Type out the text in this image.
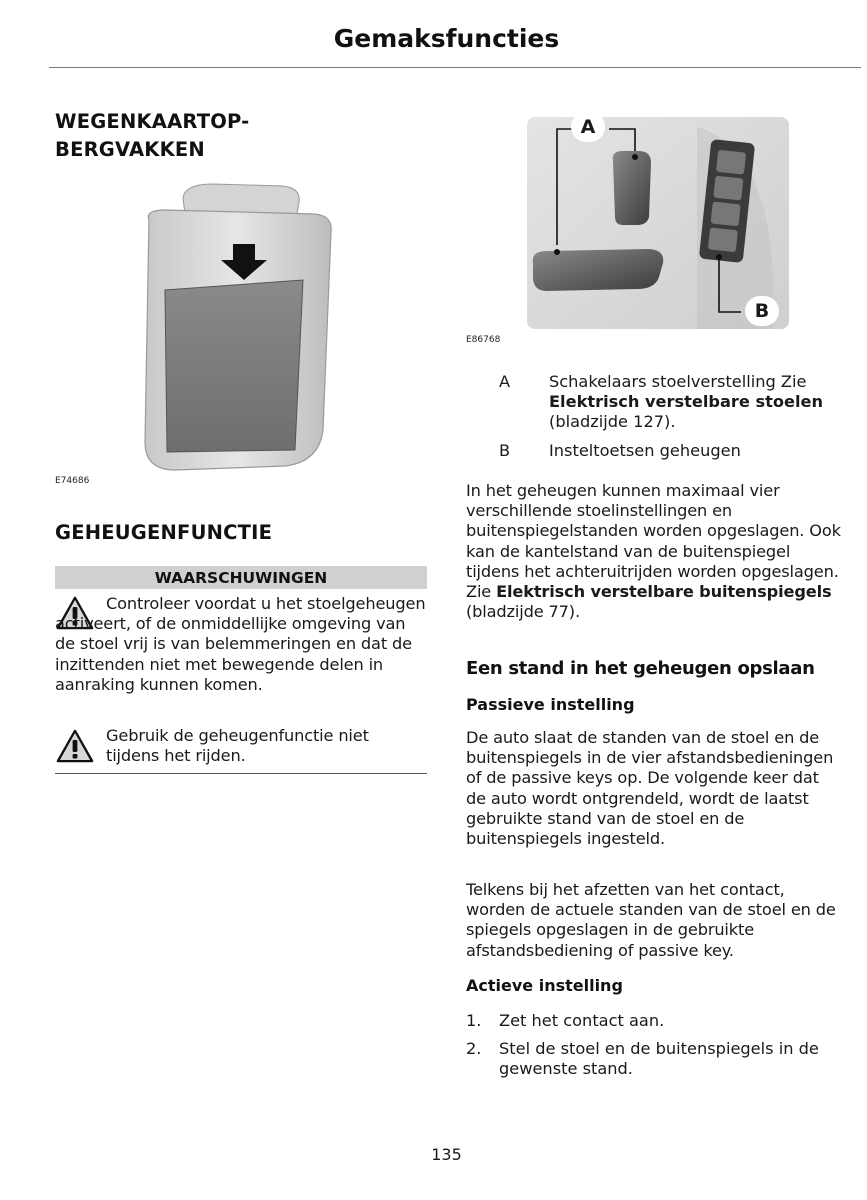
Gemaksfuncties
WEGENKAARTOP-BERGVAKKEN
E74686
GEHEUGENFUNCTIE
WAARSCHUWINGEN
Controleer voordat u het stoelgeheugen activeert, of de onmiddellijke omgeving van de stoel vrij is van belemmeringen en dat de inzittenden niet met bewegende delen in aanraking kunnen komen.
Gebruik de geheugenfunctie niet tijdens het rijden.
A
B
E86768
A Schakelaars stoelverstelling Zie Elektrisch verstelbare stoelen (bladzijde 127).
B Insteltoetsen geheugen
In het geheugen kunnen maximaal vier verschillende stoelinstellingen en buitenspiegelstanden worden opgeslagen. Ook kan de kantelstand van de buitenspiegel tijdens het achteruitrijden worden opgeslagen. Zie Elektrisch verstelbare buitenspiegels (bladzijde 77).
Een stand in het geheugen opslaan
Passieve instelling
De auto slaat de standen van de stoel en de buitenspiegels in de vier afstandsbedieningen of de passive keys op. De volgende keer dat de auto wordt ontgrendeld, wordt de laatst gebruikte stand van de stoel en de buitenspiegels ingesteld.
Telkens bij het afzetten van het contact, worden de actuele standen van de stoel en de spiegels opgeslagen in de gebruikte afstandsbediening of passive key.
Actieve instelling
1. Zet het contact aan.
2. Stel de stoel en de buitenspiegels in de gewenste stand.
135
